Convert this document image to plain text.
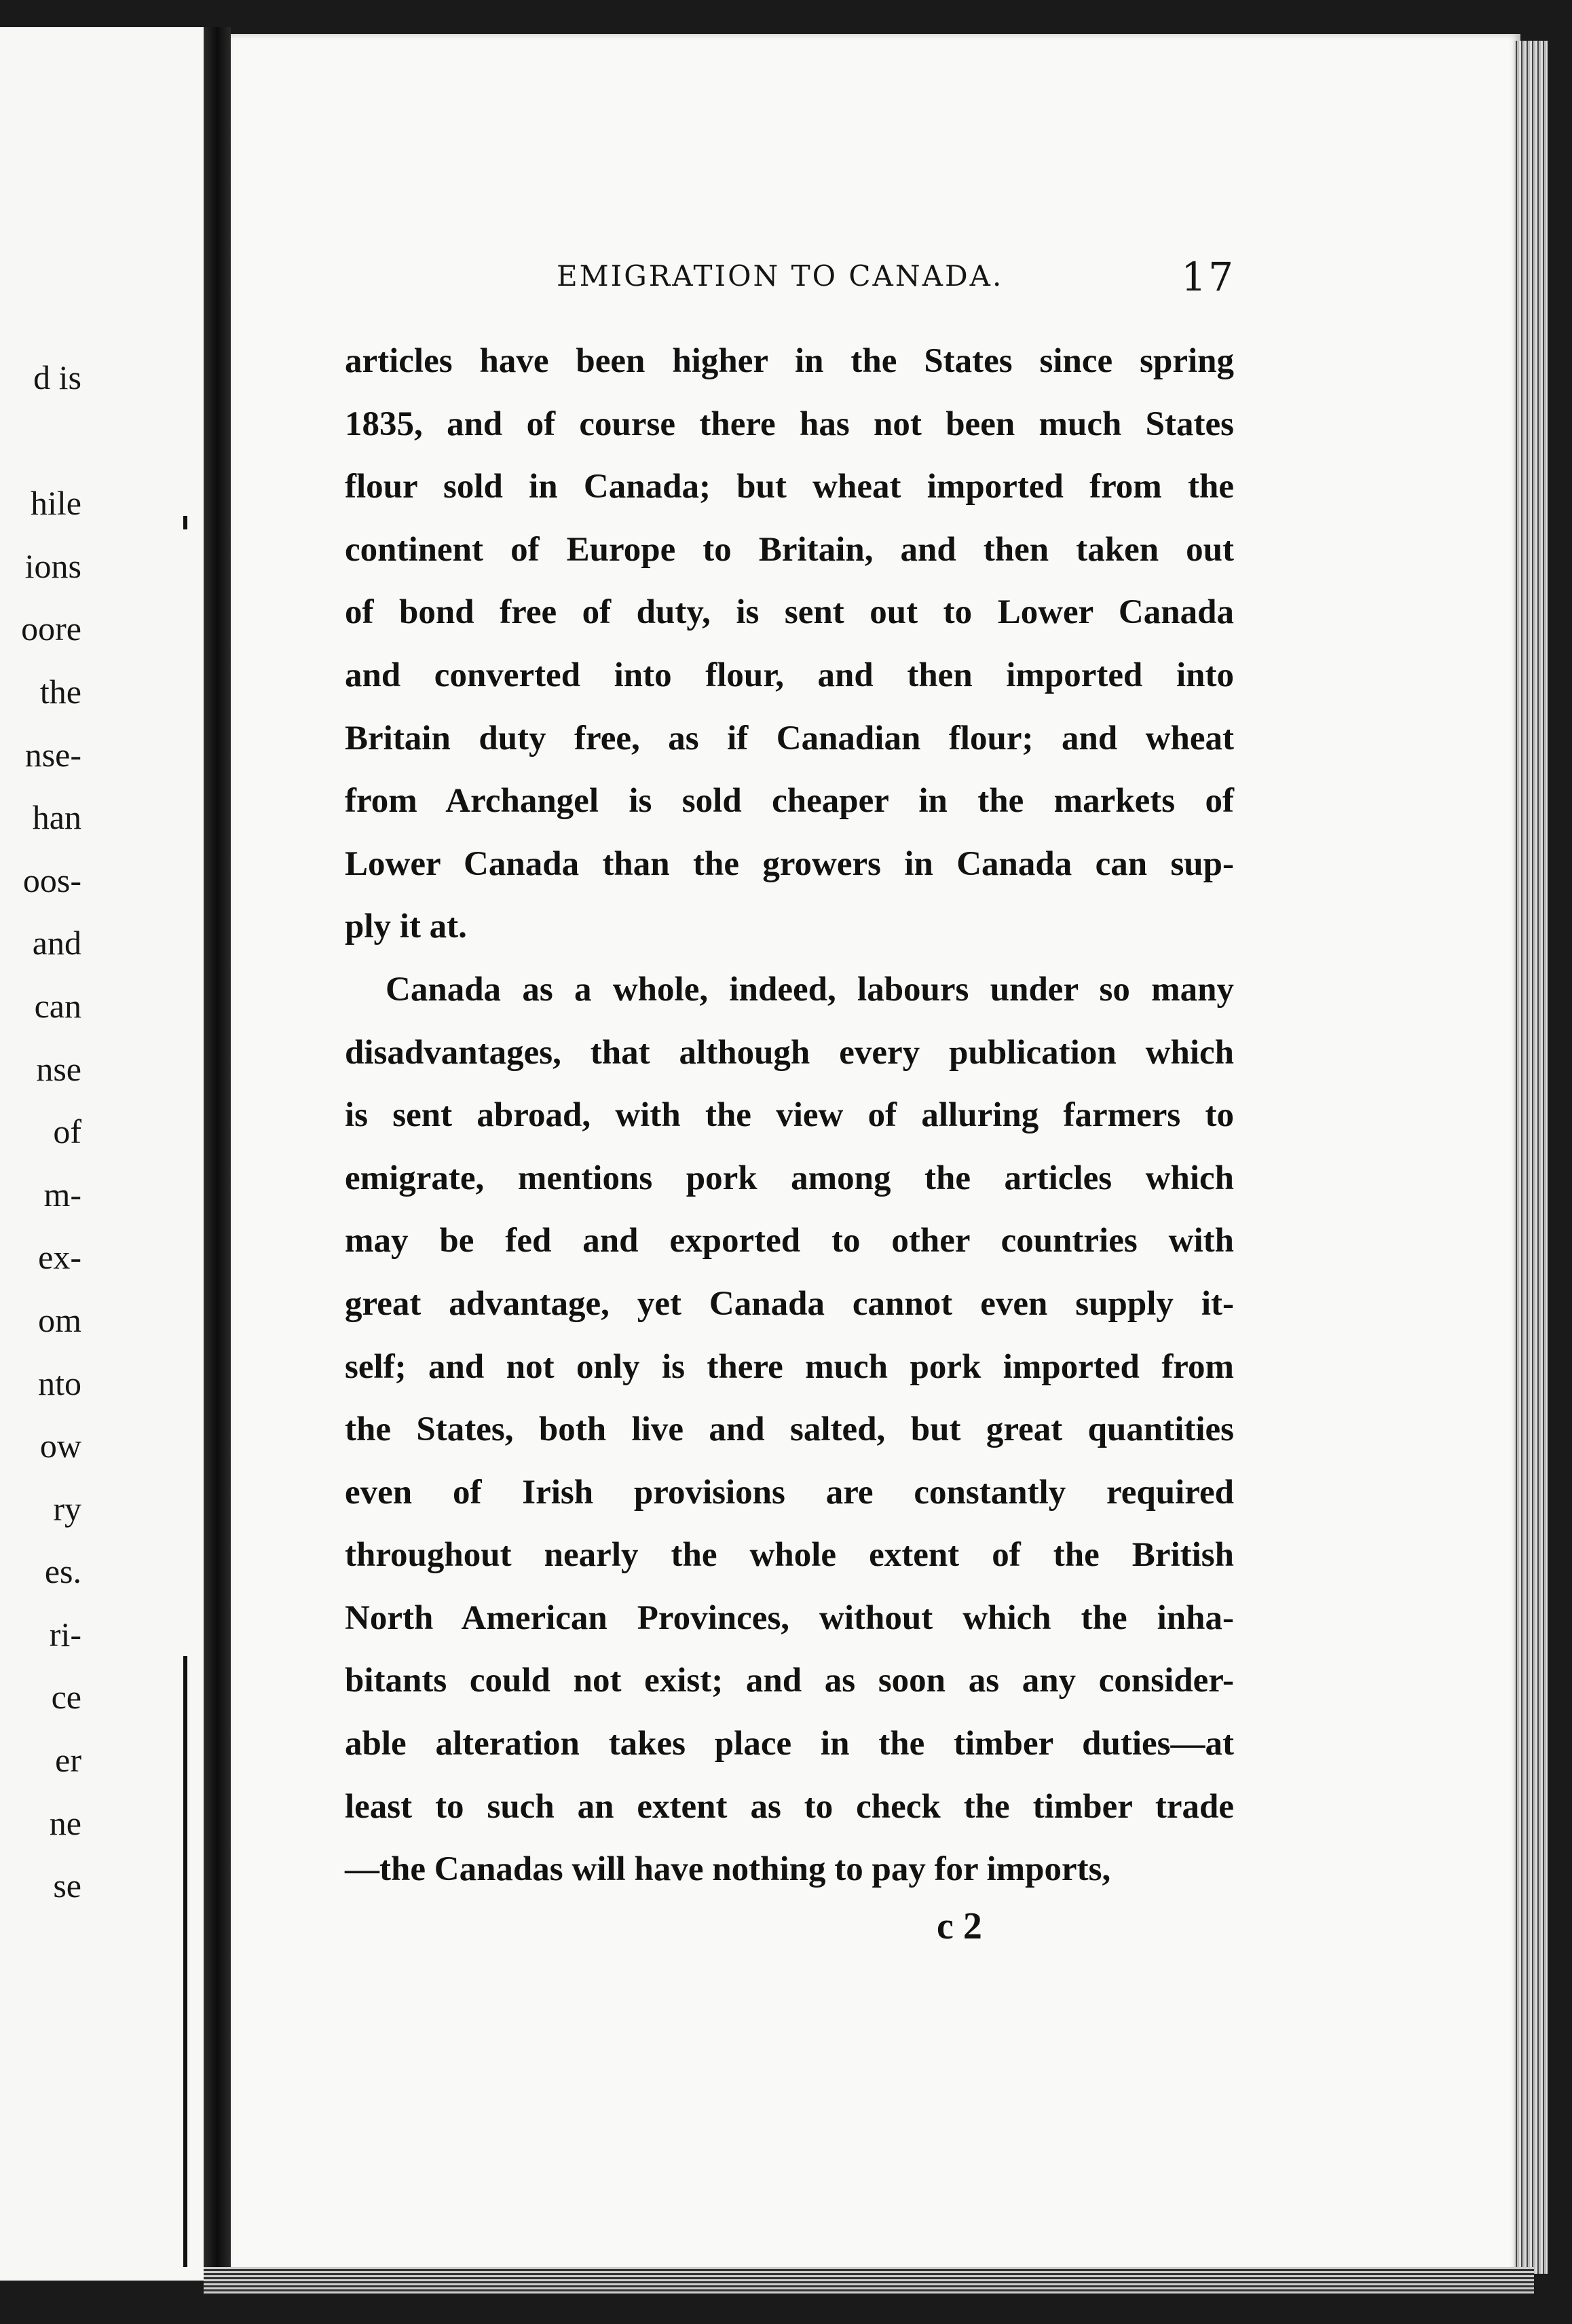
d is
hile
ions
oore
the
nse-
han
oos-
and
can
nse
of
m-
ex-
om
nto
ow
ry
es.
ri-
ce
er
ne
se
EMIGRATION TO CANADA.	17
articles have been higher in the States since spring
1835, and of course there has not been much States
flour sold in Canada; but wheat imported from the
continent of Europe to Britain, and then taken out
of bond free of duty, is sent out to Lower Canada
and converted into flour, and then imported into
Britain duty free, as if Canadian flour; and wheat
from Archangel is sold cheaper in the markets of
Lower Canada than the growers in Canada can sup-
ply it at.
Canada as a whole, indeed, labours under so many
disadvantages, that although every publication which
is sent abroad, with the view of alluring farmers to
emigrate, mentions pork among the articles which
may be fed and exported to other countries with
great advantage, yet Canada cannot even supply it-
self; and not only is there much pork imported from
the States, both live and salted, but great quantities
even of Irish provisions are constantly required
throughout nearly the whole extent of the British
North American Provinces, without which the inha-
bitants could not exist; and as soon as any consider-
able alteration takes place in the timber duties—at
least to such an extent as to check the timber trade
—the Canadas will have nothing to pay for imports,
c 2
